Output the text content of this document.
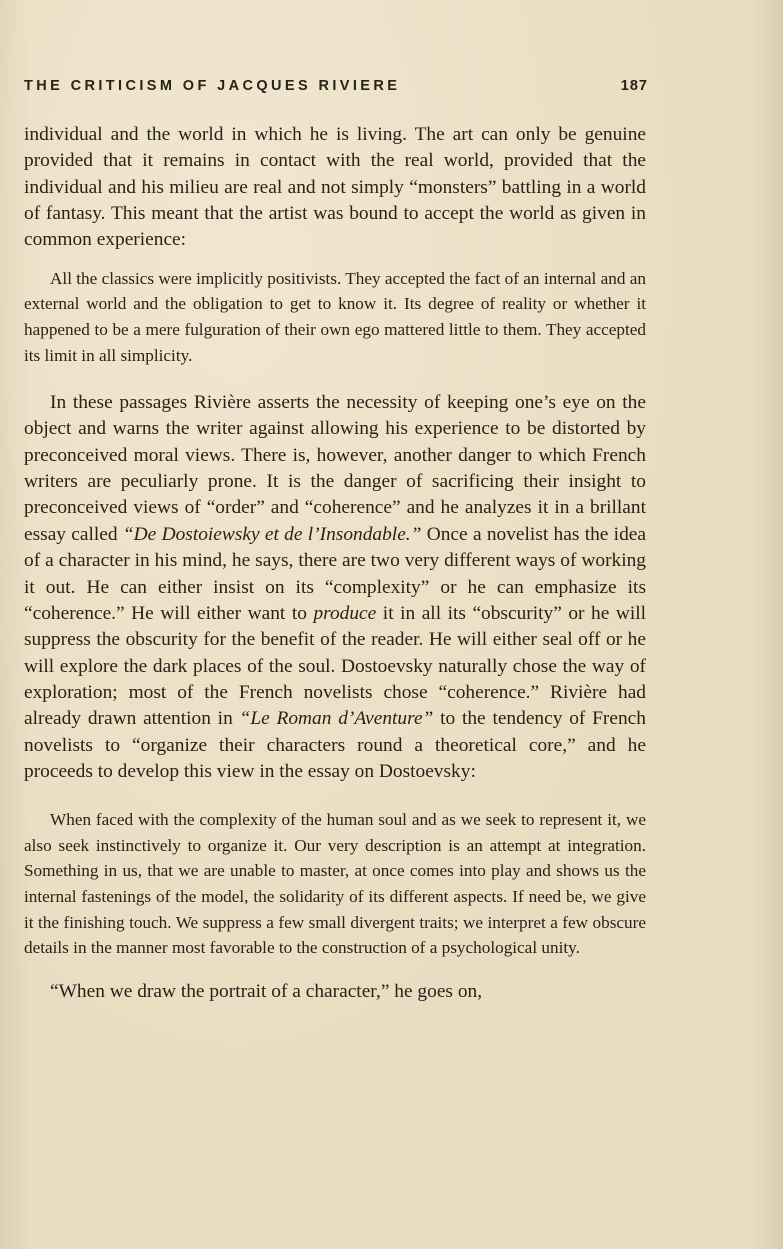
THE CRITICISM OF JACQUES RIVIERE	187

individual and the world in which he is living. The art can only be genuine provided that it remains in contact with the real world, provided that the individual and his milieu are real and not simply “monsters” battling in a world of fantasy. This meant that the artist was bound to accept the world as given in common experience:

All the classics were implicitly positivists. They accepted the fact of an internal and an external world and the obligation to get to know it. Its degree of reality or whether it happened to be a mere fulguration of their own ego mattered little to them. They accepted its limit in all simplicity.

In these passages Rivière asserts the necessity of keeping one’s eye on the object and warns the writer against allowing his experience to be distorted by preconceived moral views. There is, however, another danger to which French writers are peculiarly prone. It is the danger of sacrificing their insight to preconceived views of “order” and “coherence” and he analyzes it in a brillant essay called “De Dostoiewsky et de l’Insondable.” Once a novelist has the idea of a character in his mind, he says, there are two very different ways of working it out. He can either insist on its “complexity” or he can emphasize its “coherence.” He will either want to produce it in all its “obscurity” or he will suppress the obscurity for the benefit of the reader. He will either seal off or he will explore the dark places of the soul. Dostoevsky naturally chose the way of exploration; most of the French novelists chose “coherence.” Rivière had already drawn attention in “Le Roman d’Aventure” to the tendency of French novelists to “organize their characters round a theoretical core,” and he proceeds to develop this view in the essay on Dostoevsky:

When faced with the complexity of the human soul and as we seek to represent it, we also seek instinctively to organize it. Our very description is an attempt at integration. Something in us, that we are unable to master, at once comes into play and shows us the internal fastenings of the model, the solidarity of its different aspects. If need be, we give it the finishing touch. We suppress a few small divergent traits; we interpret a few obscure details in the manner most favorable to the construction of a psychological unity.

“When we draw the portrait of a character,” he goes on,
